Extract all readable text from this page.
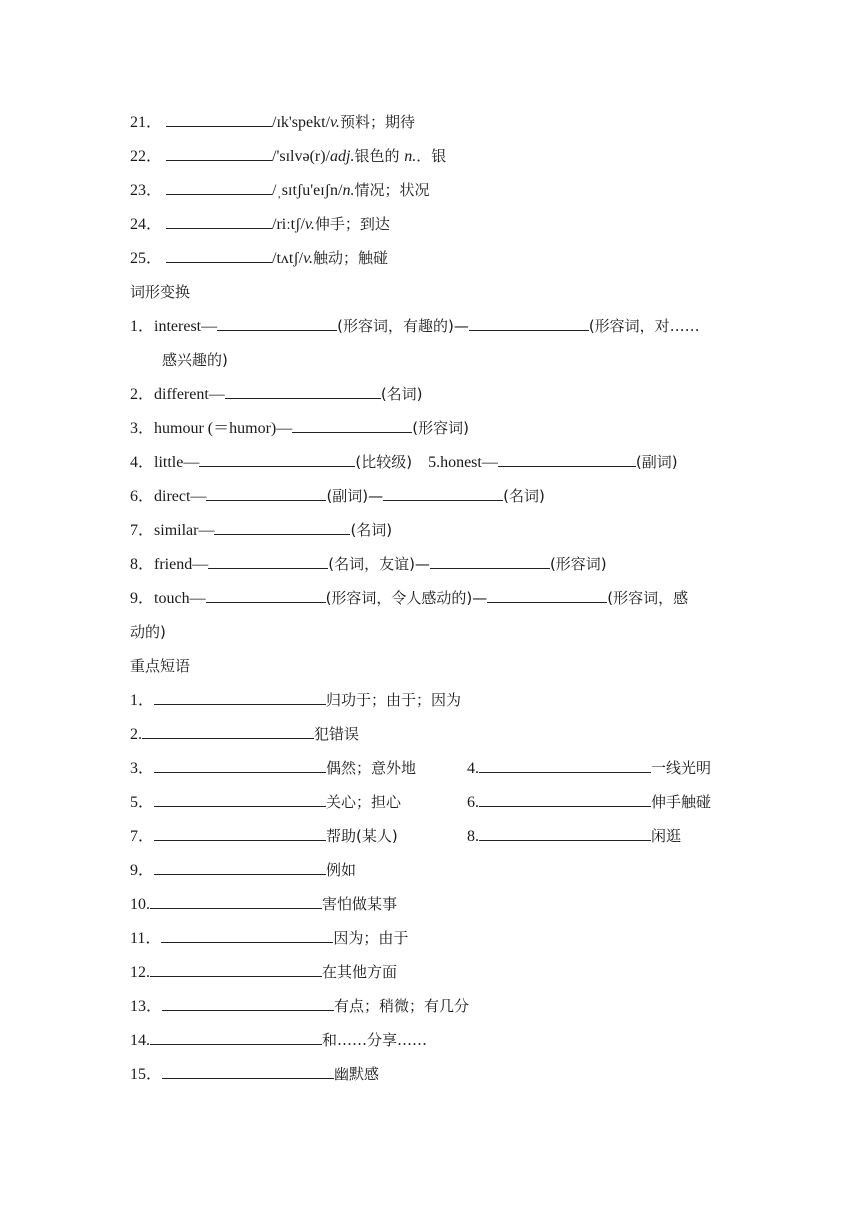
21．	/ɪk'spekt/v.预料；期待
22．	/'sɪlvə(r)/adj.银色的 n.．银
23．	/ˌsɪtʃu'eɪʃn/n.情况；状况
24．	/riːtʃ/v.伸手；到达
25．	/tʌtʃ/v.触动；触碰
词形变换
1．interest—	(形容词，有趣的)—	(形容词，对……
感兴趣的)
2．different—	(名词)
3．humour (＝humor)—	(形容词)
4．little—	(比较级) 5.honest—	(副词)
6．direct—	(副词)—	(名词)
7．similar—	(名词)
8．friend—	(名词，友谊)—	(形容词)
9．touch—	(形容词，令人感动的)—	(形容词，感
动的)
重点短语
1．	归功于；由于；因为
2.	犯错误
3．	偶然；意外地	4.	一线光明
5．	关心；担心	6.	伸手触碰
7．	帮助(某人)	8.	闲逛
9．	例如
10.	害怕做某事
11．	因为；由于
12.	在其他方面
13．	有点；稍微；有几分
14.	和……分享……
15．	幽默感
